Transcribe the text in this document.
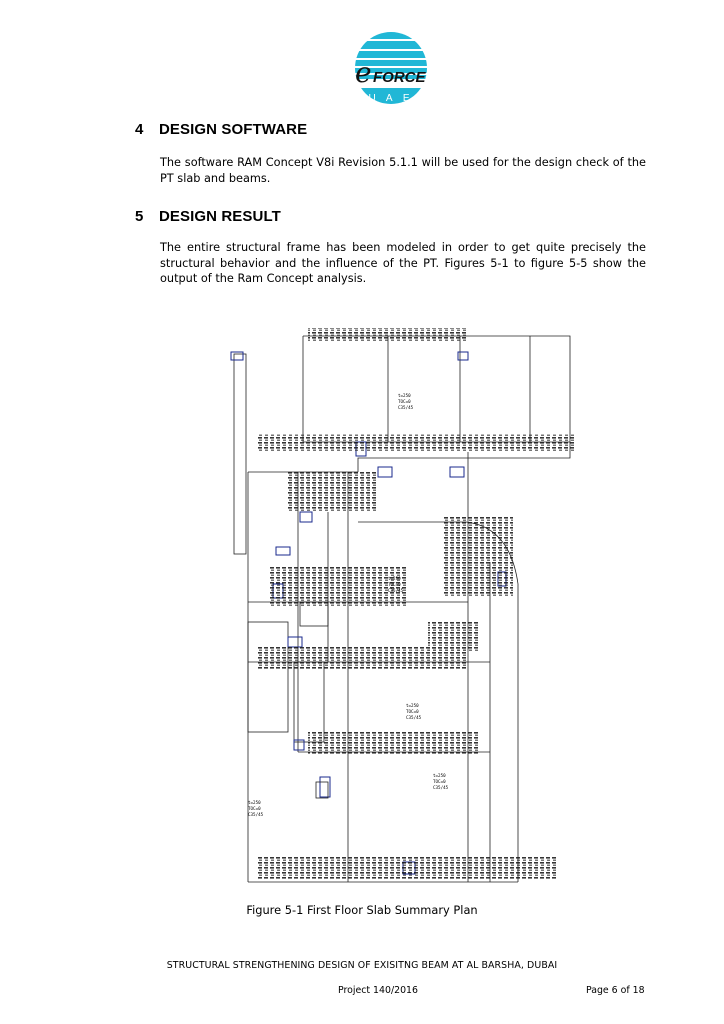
e FORCE
U A E
4 DESIGN SOFTWARE
The software RAM Concept V8i Revision 5.1.1 will be used for the design check of the PT slab and beams.
5 DESIGN RESULT
The entire structural frame has been modeled in order to get quite precisely the structural behavior and the influence of the PT. Figures 5-1 to figure 5-5 show the output of the Ram Concept analysis.
t=250
TOC=0
C35/45
t=250
TOC=0
C35/45
t=250
TOC=0
C35/45
t=250
TOC=0
C35/45
t=250
TOC=0
C35/45
Figure 5-1 First Floor Slab Summary Plan
STRUCTURAL STRENGTHENING DESIGN OF EXISITNG BEAM AT AL BARSHA, DUBAI
Project 140/2016	Page 6 of 18
